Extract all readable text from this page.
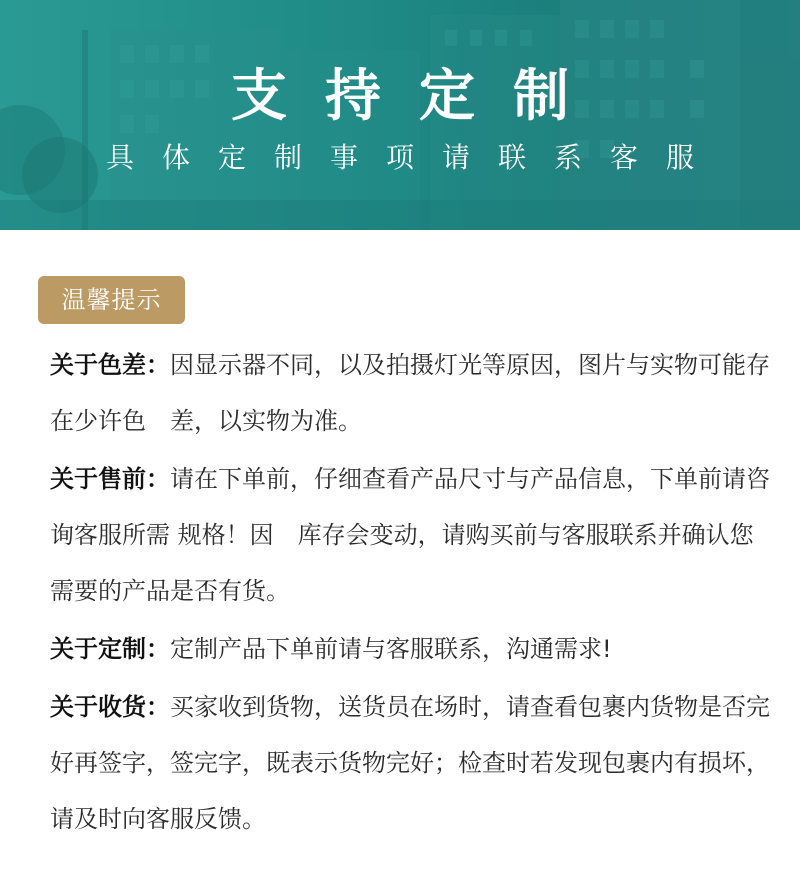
支持定制
具体定制事项请联系客服
温馨提示
关于色差：因显示器不同，以及拍摄灯光等原因，图片与实物可能存在少许色　差，以实物为准。
关于售前：请在下单前，仔细查看产品尺寸与产品信息，下单前请咨询客服所需 规格！因　库存会变动，请购买前与客服联系并确认您需要的产品是否有货。
关于定制：定制产品下单前请与客服联系，沟通需求!
关于收货：买家收到货物，送货员在场时，请查看包裹内货物是否完好再签字，签完字，既表示货物完好；检查时若发现包裹内有损坏，请及时向客服反馈。
